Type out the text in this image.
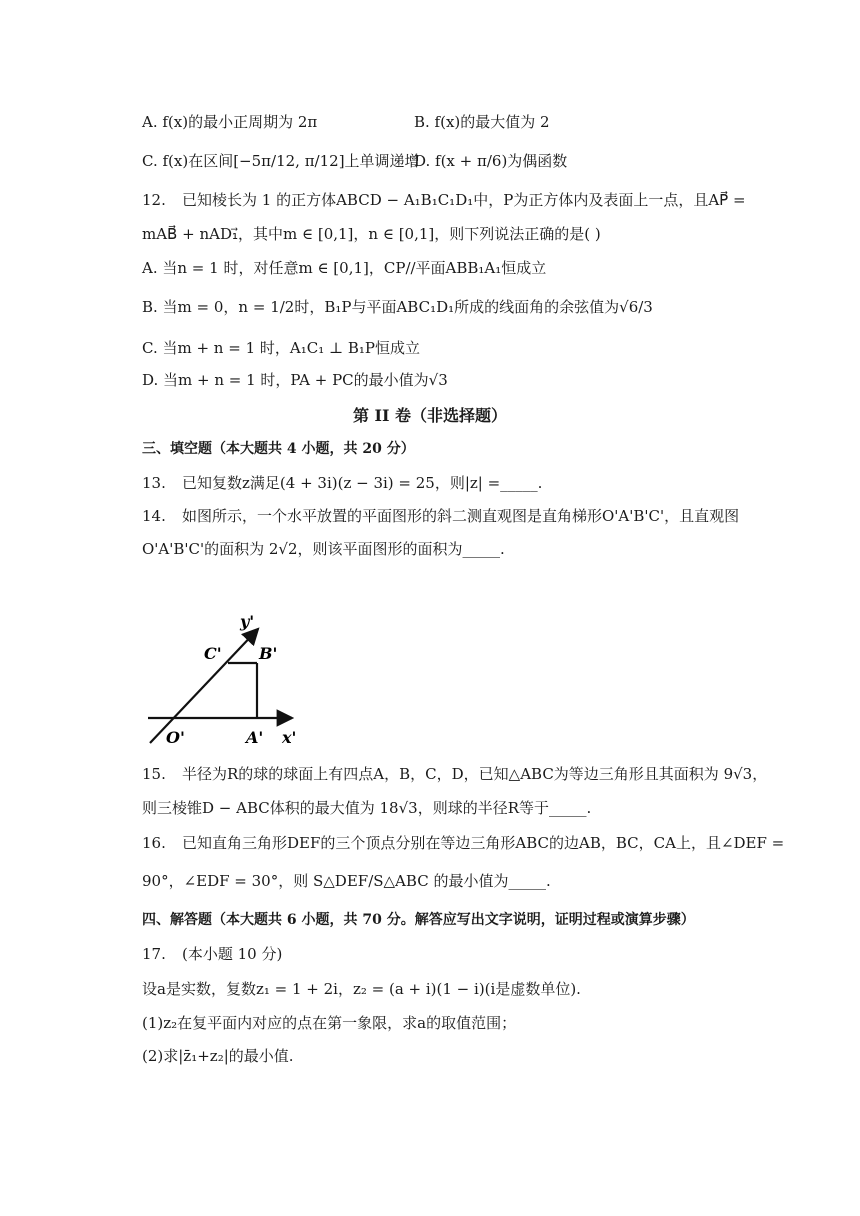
A. f(x)的最小正周期为 2π	B. f(x)的最大值为 2
C. f(x)在区间[−5π/12, π/12]上单调递增
D. f(x + π/6)为偶函数
12. 已知棱长为 1 的正方体ABCD − A₁B₁C₁D₁中，P为正方体内及表面上一点，且AP⃗ =
mAB⃗ + nAD₁⃗，其中m ∈ [0,1]，n ∈ [0,1]，则下列说法正确的是( )
A. 当n = 1 时，对任意m ∈ [0,1]，CP//平面ABB₁A₁恒成立
B. 当m = 0，n = 1/2时，B₁P与平面ABC₁D₁所成的线面角的余弦值为√6/3
C. 当m + n = 1 时，A₁C₁ ⊥ B₁P恒成立
D. 当m + n = 1 时，PA + PC的最小值为√3
第 II 卷（非选择题）
三、填空题（本大题共 4 小题，共 20 分）
13. 已知复数z满足(4 + 3i)(z − 3i) = 25，则|z| =_____.
14. 如图所示，一个水平放置的平面图形的斜二测直观图是直角梯形O'A'B'C'，且直观图
O'A'B'C'的面积为 2√2，则该平面图形的面积为_____.
y'
C' B'
O'	A' x'
15. 半径为R的球的球面上有四点A，B，C，D，已知△ABC为等边三角形且其面积为 9√3，
则三棱锥D − ABC体积的最大值为 18√3，则球的半径R等于_____.
16. 已知直角三角形DEF的三个顶点分别在等边三角形ABC的边AB，BC，CA上，且∠DEF =
90°，∠EDF = 30°，则 S△DEF/S△ABC 的最小值为_____.
四、解答题（本大题共 6 小题，共 70 分。解答应写出文字说明，证明过程或演算步骤）
17. (本小题 10 分)
设a是实数，复数z₁ = 1 + 2i，z₂ = (a + i)(1 − i)(i是虚数单位).
(1)z₂在复平面内对应的点在第一象限，求a的取值范围；
(2)求|z̄₁+z₂|的最小值.
